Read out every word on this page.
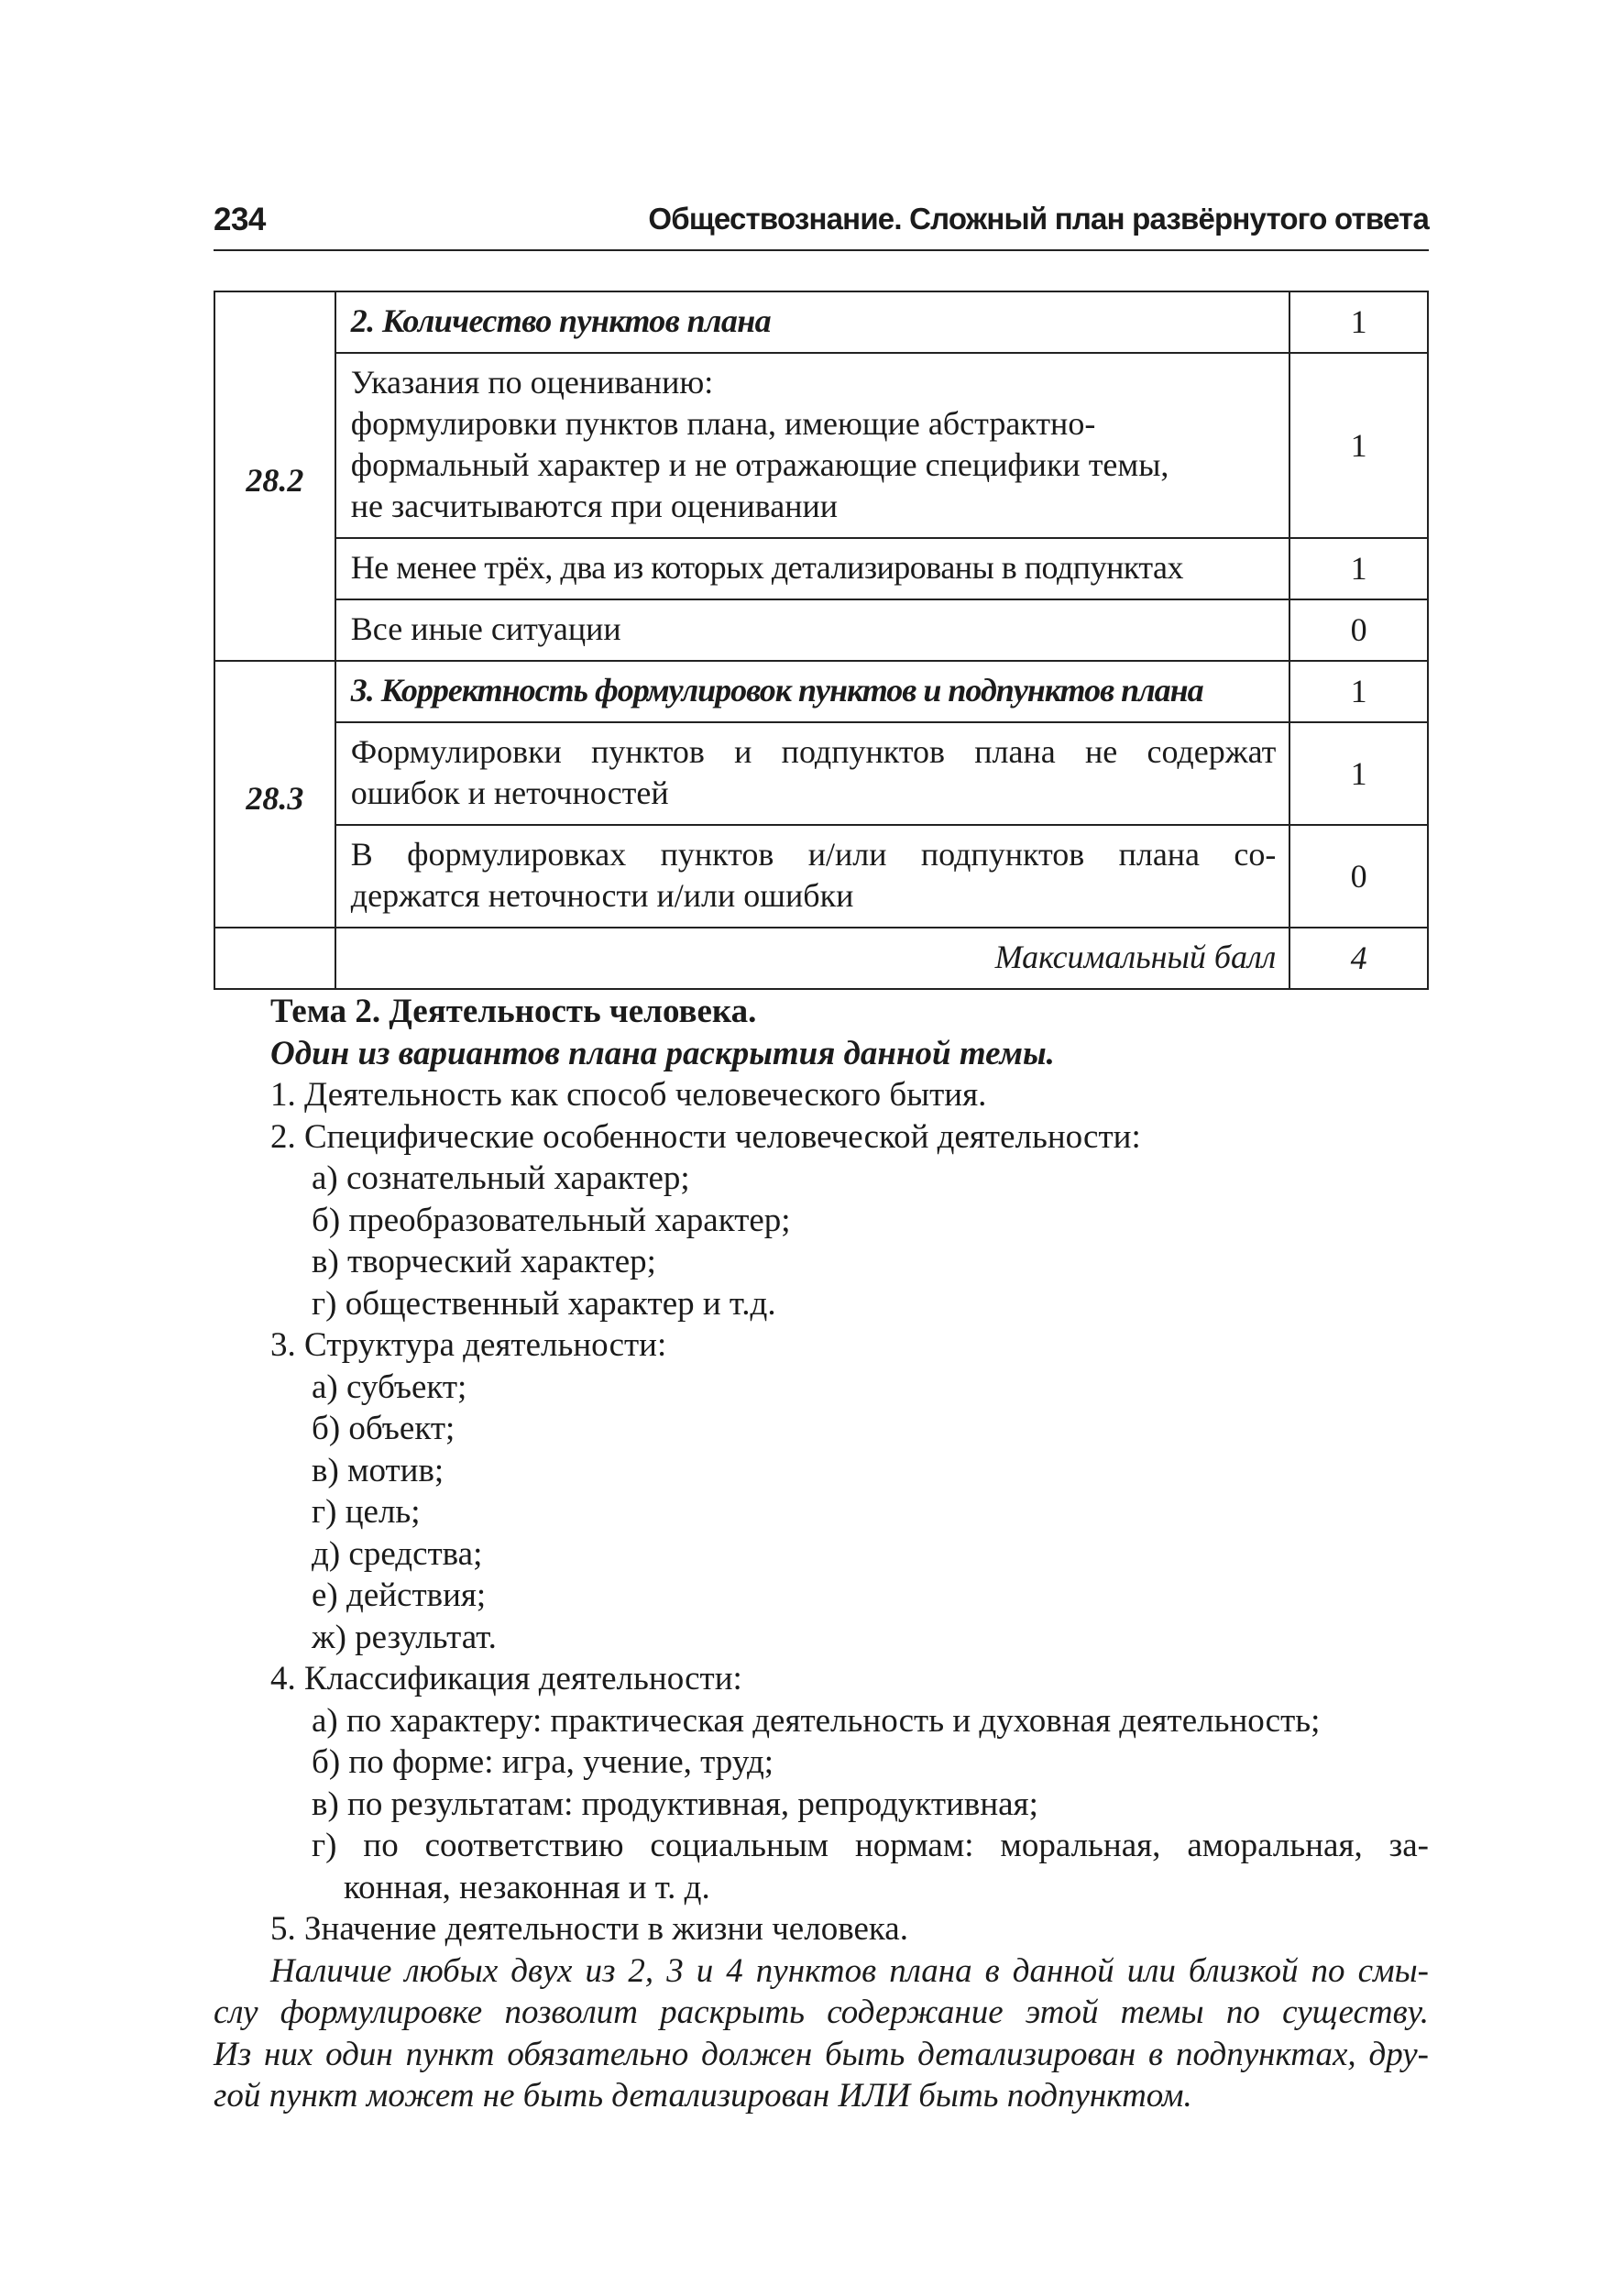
234	Обществознание. Сложный план развёрнутого ответа
28.2	2. Количество пунктов плана	1

	Указания по оцениванию:
формулировки пунктов плана, имеющие абстрактно-
формальный характер и не отражающие специфики темы,
не засчитываются при оценивании	1
	Не менее трёх, два из которых детализированы в подпунктах	1
	Все иные ситуации	0
28.3	3. Корректность формулировок пунктов и подпунктов плана	1

	Формулировки пунктов и подпунктов плана не содержат
ошибок и неточностей	1

	В формулировках пунктов и/или подпунктов плана со-
держатся неточности и/или ошибки	0
	Максимальный балл	4
Тема 2. Деятельность человека.
Один из вариантов плана раскрытия данной темы.
1. Деятельность как способ человеческого бытия.
2. Специфические особенности человеческой деятельности:
а) сознательный характер;
б) преобразовательный характер;
в) творческий характер;
г) общественный характер и т.д.
3. Структура деятельности:
а) субъект;
б) объект;
в) мотив;
г) цель;
д) средства;
е) действия;
ж) результат.
4. Классификация деятельности:
а) по характеру: практическая деятельность и духовная деятельность;
б) по форме: игра, учение, труд;
в) по результатам: продуктивная, репродуктивная;
г) по соответствию социальным нормам: моральная, аморальная, за-
конная, незаконная и т. д.
5. Значение деятельности в жизни человека.
Наличие любых двух из 2, 3 и 4 пунктов плана в данной или близкой по смы-
слу формулировке позволит раскрыть содержание этой темы по существу.
Из них один пункт обязательно должен быть детализирован в подпунктах, дру-
гой пункт может не быть детализирован ИЛИ быть подпунктом.
